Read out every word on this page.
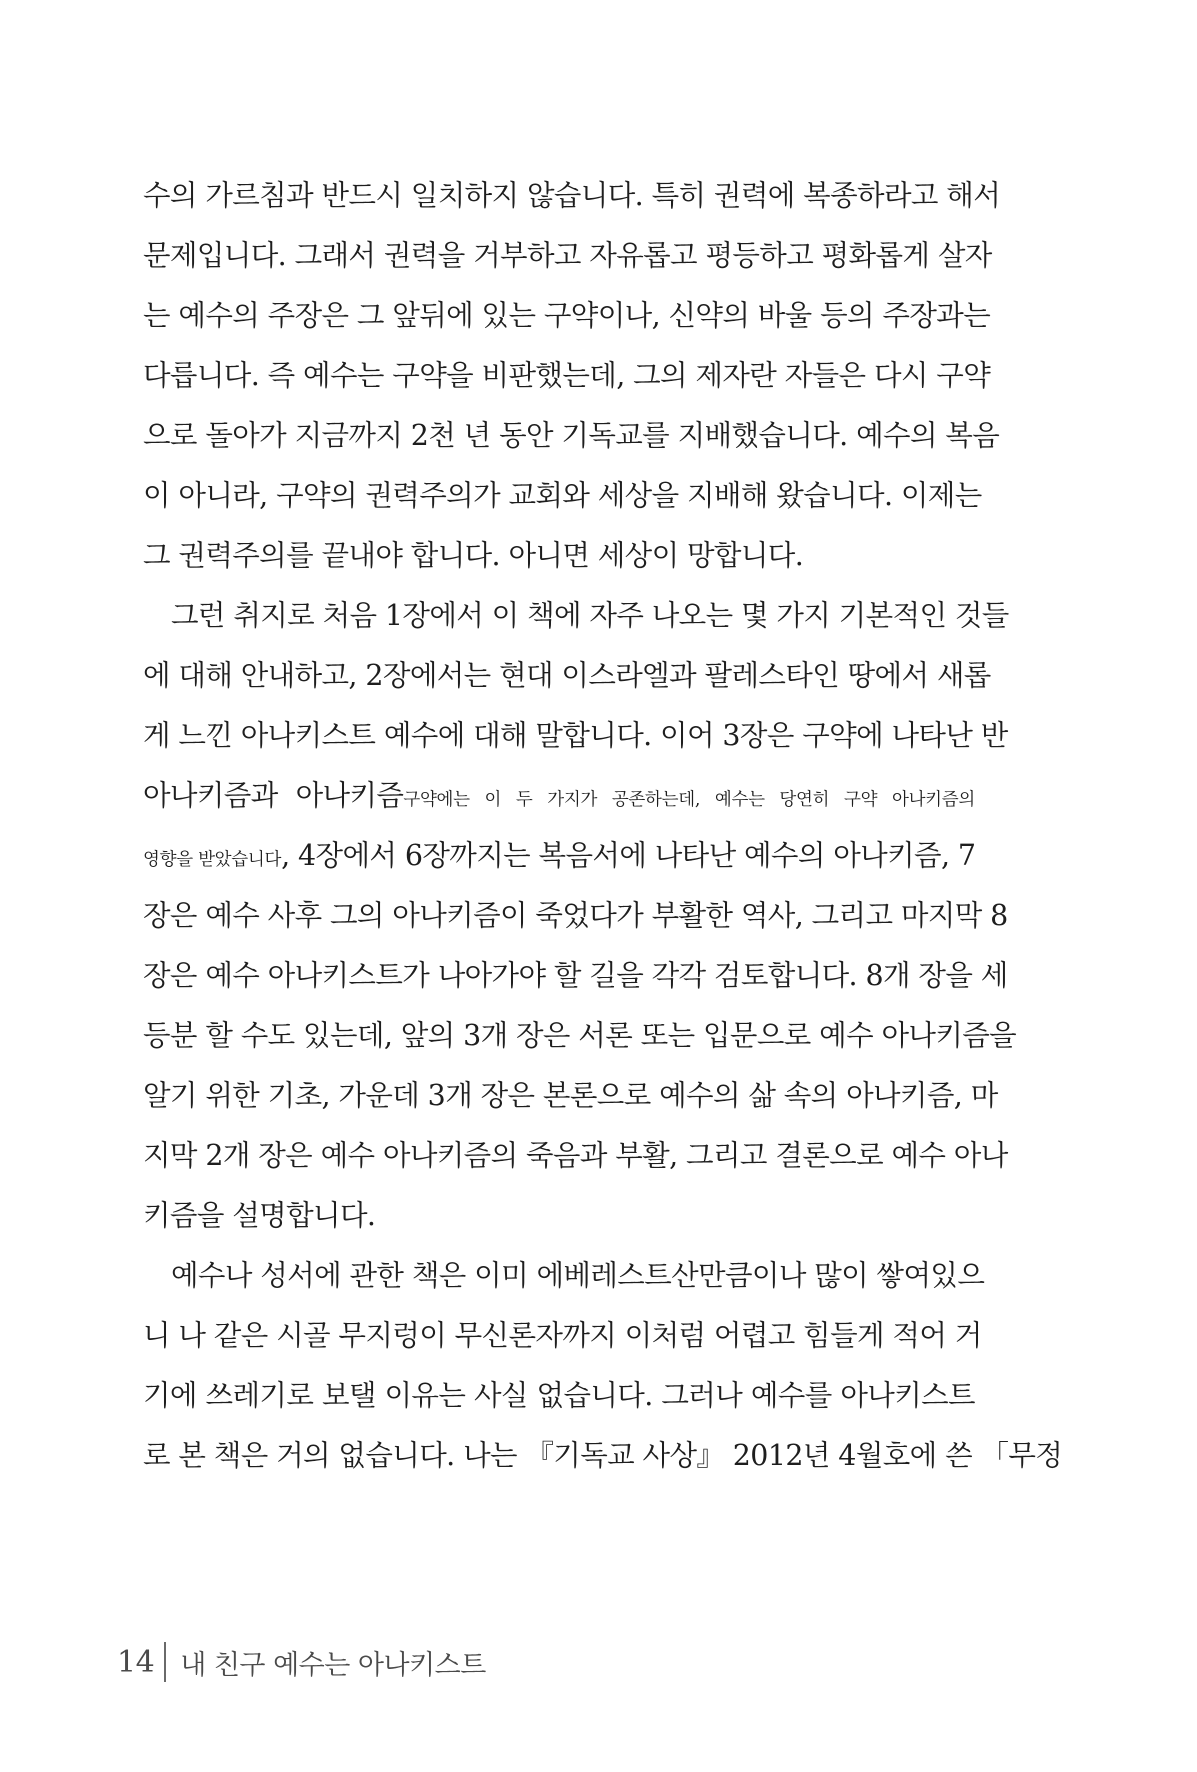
수의 가르침과 반드시 일치하지 않습니다. 특히 권력에 복종하라고 해서
문제입니다. 그래서 권력을 거부하고 자유롭고 평등하고 평화롭게 살자
는 예수의 주장은 그 앞뒤에 있는 구약이나, 신약의 바울 등의 주장과는
다릅니다. 즉 예수는 구약을 비판했는데, 그의 제자란 자들은 다시 구약
으로 돌아가 지금까지 2천 년 동안 기독교를 지배했습니다. 예수의 복음
이 아니라, 구약의 권력주의가 교회와 세상을 지배해 왔습니다. 이제는
그 권력주의를 끝내야 합니다. 아니면 세상이 망합니다.
그런 취지로 처음 1장에서 이 책에 자주 나오는 몇 가지 기본적인 것들
에 대해 안내하고, 2장에서는 현대 이스라엘과 팔레스타인 땅에서 새롭
게 느낀 아나키스트 예수에 대해 말합니다. 이어 3장은 구약에 나타난 반
아나키즘과 아나키즘구약에는 이 두 가지가 공존하는데, 예수는 당연히 구약 아나키즘의
영향을 받았습니다, 4장에서 6장까지는 복음서에 나타난 예수의 아나키즘, 7
장은 예수 사후 그의 아나키즘이 죽었다가 부활한 역사, 그리고 마지막 8
장은 예수 아나키스트가 나아가야 할 길을 각각 검토합니다. 8개 장을 세
등분 할 수도 있는데, 앞의 3개 장은 서론 또는 입문으로 예수 아나키즘을
알기 위한 기초, 가운데 3개 장은 본론으로 예수의 삶 속의 아나키즘, 마
지막 2개 장은 예수 아나키즘의 죽음과 부활, 그리고 결론으로 예수 아나
키즘을 설명합니다.
예수나 성서에 관한 책은 이미 에베레스트산만큼이나 많이 쌓여있으
니 나 같은 시골 무지렁이 무신론자까지 이처럼 어렵고 힘들게 적어 거
기에 쓰레기로 보탤 이유는 사실 없습니다. 그러나 예수를 아나키스트
로 본 책은 거의 없습니다. 나는 『기독교 사상』 2012년 4월호에 쓴 「무정
14 내 친구 예수는 아나키스트
